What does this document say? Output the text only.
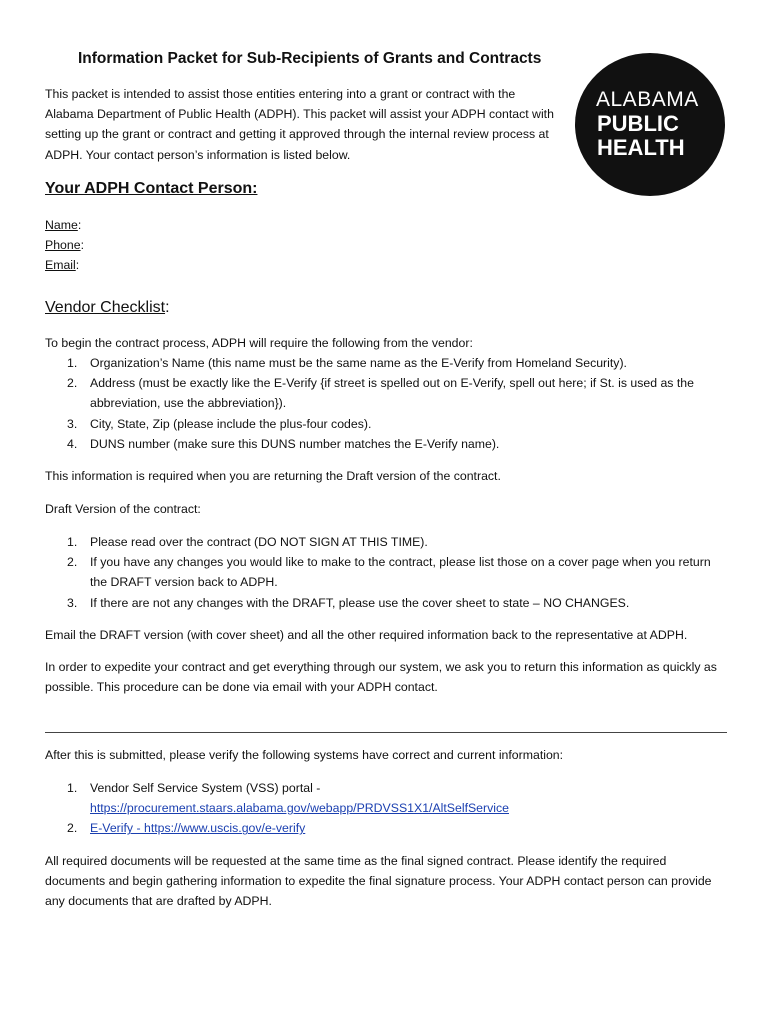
Information Packet for Sub-Recipients of Grants and Contracts
This packet is intended to assist those entities entering into a grant or contract with the Alabama Department of Public Health (ADPH). This packet will assist your ADPH contact with setting up the grant or contract and getting it approved through the internal review process at ADPH. Your contact person’s information is listed below.
ALABAMA
PUBLIC
HEALTH
Your ADPH Contact Person:
Name:
Phone:
Email:
Vendor Checklist:
To begin the contract process, ADPH will require the following from the vendor:
1. Organization’s Name (this name must be the same name as the E-Verify from Homeland Security).
2. Address (must be exactly like the E-Verify {if street is spelled out on E-Verify, spell out here; if St. is used as the abbreviation, use the abbreviation}).
3. City, State, Zip (please include the plus-four codes).
4. DUNS number (make sure this DUNS number matches the E-Verify name).
This information is required when you are returning the Draft version of the contract.
Draft Version of the contract:
1. Please read over the contract (DO NOT SIGN AT THIS TIME).
2. If you have any changes you would like to make to the contract, please list those on a cover page when you return the DRAFT version back to ADPH.
3. If there are not any changes with the DRAFT, please use the cover sheet to state – NO CHANGES.
Email the DRAFT version (with cover sheet) and all the other required information back to the representative at ADPH.
In order to expedite your contract and get everything through our system, we ask you to return this information as quickly as possible. This procedure can be done via email with your ADPH contact.
After this is submitted, please verify the following systems have correct and current information:
1. Vendor Self Service System (VSS) portal -
https://procurement.staars.alabama.gov/webapp/PRDVSS1X1/AltSelfService
2. E-Verify - https://www.uscis.gov/e-verify
All required documents will be requested at the same time as the final signed contract. Please identify the required documents and begin gathering information to expedite the final signature process. Your ADPH contact person can provide any documents that are drafted by ADPH.
